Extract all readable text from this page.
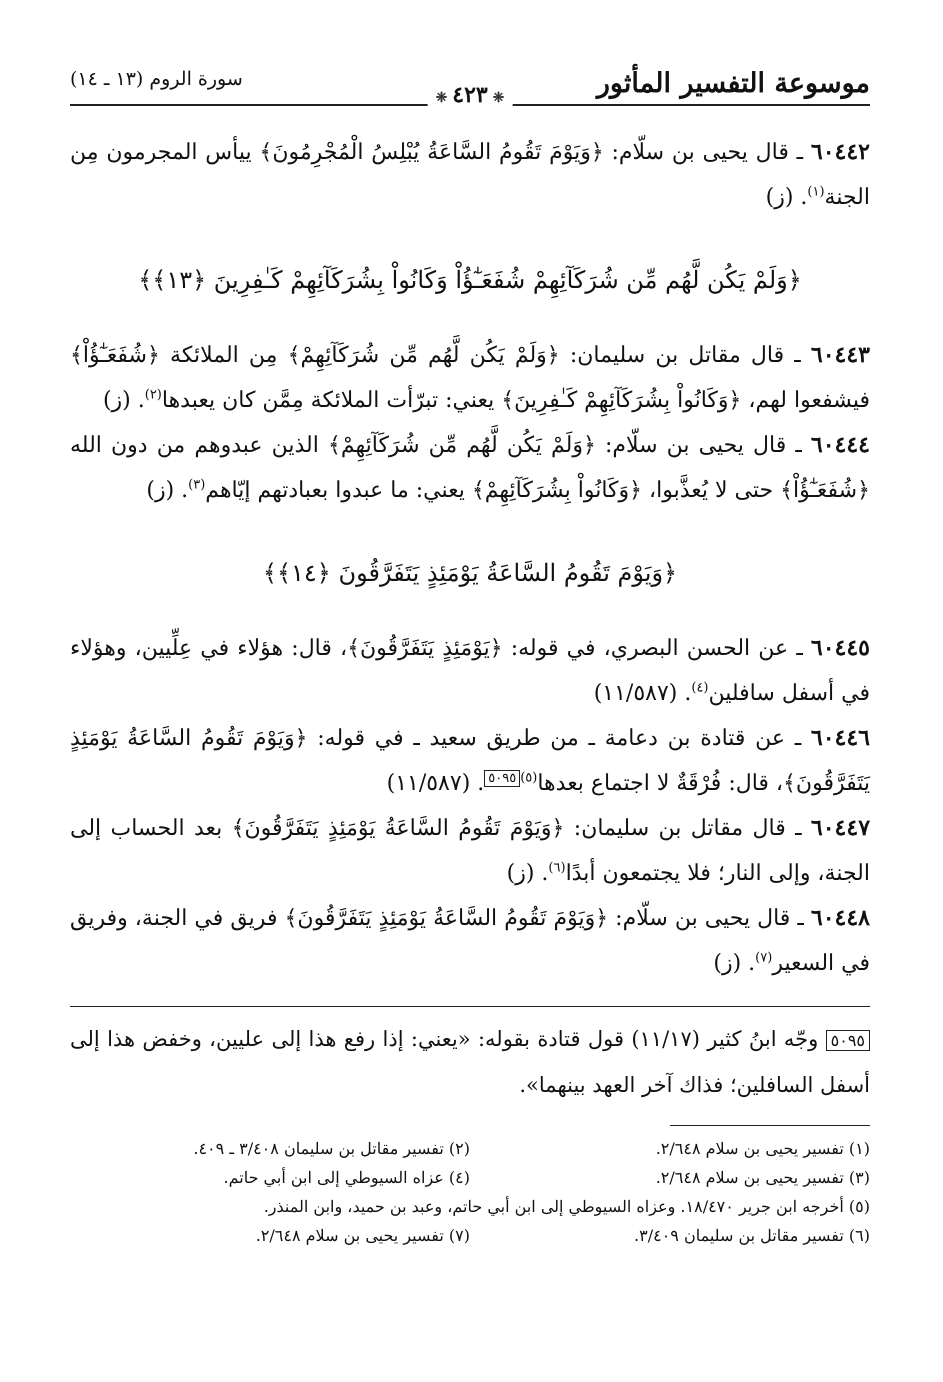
موسوعة التفسير المأثور
❈ ٤٢٣ ❈
سورة الروم (١٣ ـ ١٤)

٦٠٤٤٢ ـ قال يحيى بن سلّام: ﴿وَيَوْمَ تَقُومُ السَّاعَةُ يُبْلِسُ الْمُجْرِمُونَ﴾ ييأس المجرمون مِن الجنة$^{(١)}$. (ز)

﴿وَلَمْ يَكُن لَّهُم مِّن شُرَكَآئِهِمْ شُفَعَـٰٓؤُاْ وَكَانُواْ بِشُرَكَآئِهِمْ كَـٰفِرِينَ ﴿١٣﴾﴾

٦٠٤٤٣ ـ قال مقاتل بن سليمان: ﴿وَلَمْ يَكُن لَّهُم مِّن شُرَكَآئِهِمْ﴾ مِن الملائكة ﴿شُفَعَـٰٓؤُاْ﴾ فيشفعوا لهم، ﴿وَكَانُواْ بِشُرَكَآئِهِمْ كَـٰفِرِينَ﴾ يعني: تبرّأت الملائكة مِمَّن كان يعبدها$^{(٢)}$. (ز)

٦٠٤٤٤ ـ قال يحيى بن سلّام: ﴿وَلَمْ يَكُن لَّهُم مِّن شُرَكَآئِهِمْ﴾ الذين عبدوهم من دون الله ﴿شُفَعَـٰٓؤُاْ﴾ حتى لا يُعذَّبوا، ﴿وَكَانُواْ بِشُرَكَآئِهِمْ﴾ يعني: ما عبدوا بعبادتهم إيّاهم$^{(٣)}$. (ز)

﴿وَيَوْمَ تَقُومُ السَّاعَةُ يَوْمَئِذٍ يَتَفَرَّقُونَ ﴿١٤﴾﴾

٦٠٤٤٥ ـ عن الحسن البصري، في قوله: ﴿يَوْمَئِذٍ يَتَفَرَّقُونَ﴾، قال: هؤلاء في عِلِّيين، وهؤلاء في أسفل سافلين$^{(٤)}$. (١١/٥٨٧)

٦٠٤٤٦ ـ عن قتادة بن دعامة ـ من طريق سعيد ـ في قوله: ﴿وَيَوْمَ تَقُومُ السَّاعَةُ يَوْمَئِذٍ يَتَفَرَّقُونَ﴾، قال: فُرْقَةٌ لا اجتماع بعدها$^{(٥)٥٠٩٥}$. (١١/٥٨٧)

٦٠٤٤٧ ـ قال مقاتل بن سليمان: ﴿وَيَوْمَ تَقُومُ السَّاعَةُ يَوْمَئِذٍ يَتَفَرَّقُونَ﴾ بعد الحساب إلى الجنة، وإلى النار؛ فلا يجتمعون أبدًا$^{(٦)}$. (ز)

٦٠٤٤٨ ـ قال يحيى بن سلّام: ﴿وَيَوْمَ تَقُومُ السَّاعَةُ يَوْمَئِذٍ يَتَفَرَّقُونَ﴾ فريق في الجنة، وفريق في السعير$^{(٧)}$. (ز)

٥٠٩٥ وجّه ابنُ كثير (١١/١٧) قول قتادة بقوله: «يعني: إذا رفع هذا إلى عليين، وخفض هذا إلى أسفل السافلين؛ فذاك آخر العهد بينهما».

(١) تفسير يحيى بن سلام ٢/٦٤٨.
(٢) تفسير مقاتل بن سليمان ٣/٤٠٨ ـ ٤٠٩.
(٣) تفسير يحيى بن سلام ٢/٦٤٨.
(٤) عزاه السيوطي إلى ابن أبي حاتم.
(٥) أخرجه ابن جرير ١٨/٤٧٠. وعزاه السيوطي إلى ابن أبي حاتم، وعبد بن حميد، وابن المنذر.
(٦) تفسير مقاتل بن سليمان ٣/٤٠٩.
(٧) تفسير يحيى بن سلام ٢/٦٤٨.
